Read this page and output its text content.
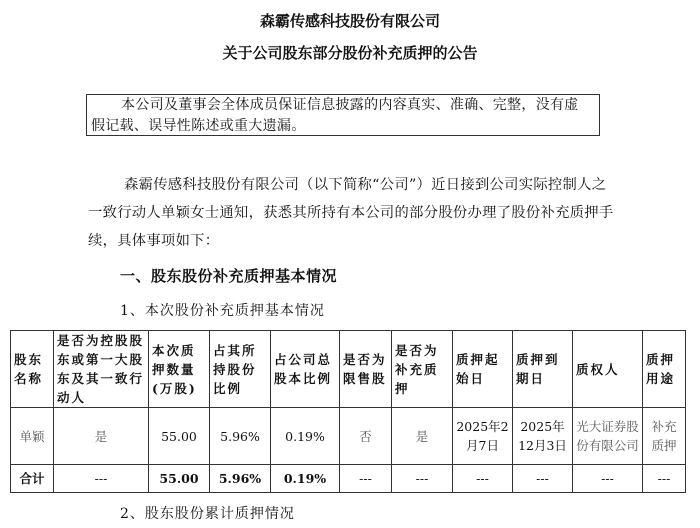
森霸传感科技股份有限公司
关于公司股东部分股份补充质押的公告

本公司及董事会全体成员保证信息披露的内容真实、准确、完整，没有虚

假记载、误导性陈述或重大遗漏。

森霸传感科技股份有限公司（以下简称“公司”）近日接到公司实际控制人之一致行动人单颖女士通知，获悉其所持有本公司的部分股份办理了股份补充质押手续，具体事项如下：

一、股东股份补充质押基本情况
1、本次股份补充质押基本情况
股东名称	是否为控股股东或第一大股东及其一致行动人	本次质押数量(万股)	占其所持股份比例	占公司总股本比例	是否为限售股	是否为补充质押	质押起始日	质押到期日	质权人	质押用途
单颖	是	55.00	5.96%	0.19%	否	是	2025年2月7日	2025年12月3日	光大证券股份有限公司	补充质押
合计	---	55.00	5.96%	0.19%	---	---	---	---	---	---
2、股东股份累计质押情况
